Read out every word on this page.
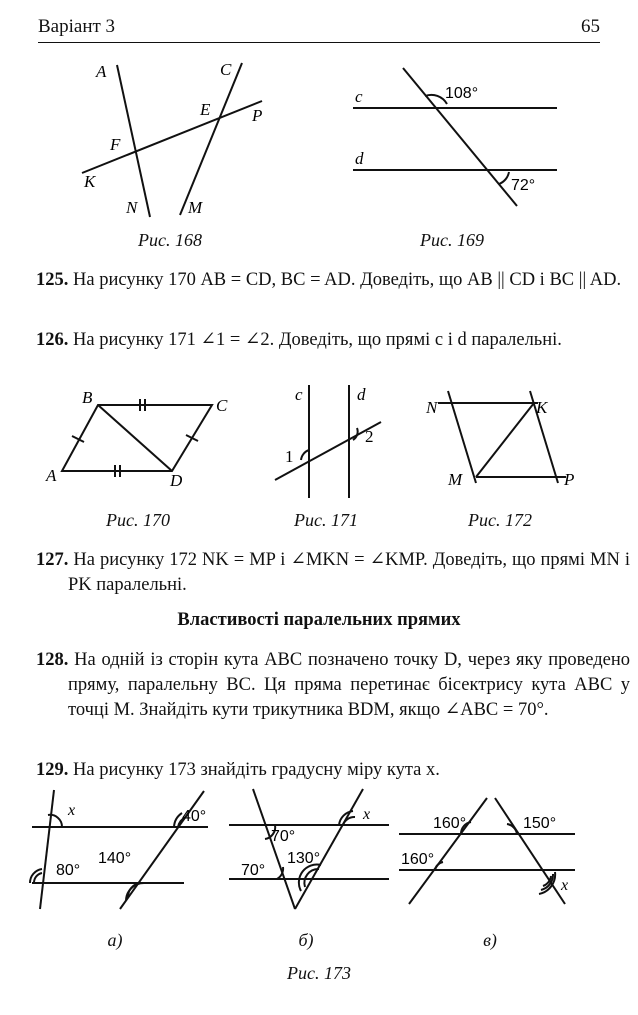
Варіант 3	65
A	C
E P
F
K
N	M
Рис. 168
c
d
108°
72°
Рис. 169
125. На рисунку 170 AB = CD, BC = AD. Доведіть, що AB || CD і BC || AD.
126. На рисунку 171 ∠1 = ∠2. Доведіть, що прямі c і d паралельні.
B	C
A	D
Рис. 170
c	d
1
2
Рис. 171
N	K
M	P
Рис. 172
127. На рисунку 172 NK = MP і ∠MKN = ∠KMP. Доведіть, що прямі MN і PK паралельні.
Властивості паралельних прямих
128. На одній із сторін кута ABC позначено точку D, через яку проведено пряму, паралельну BC. Ця пряма перетинає бісектрису кута ABC у точці M. Знайдіть кути трикутника BDM, якщо ∠ABC = 70°.
129. На рисунку 173 знайдіть градусну міру кута x.
x	40°
80°
140°
а)
x
70°
70°
130°
б)
160°	150°
160°
x
в)
Рис. 173
